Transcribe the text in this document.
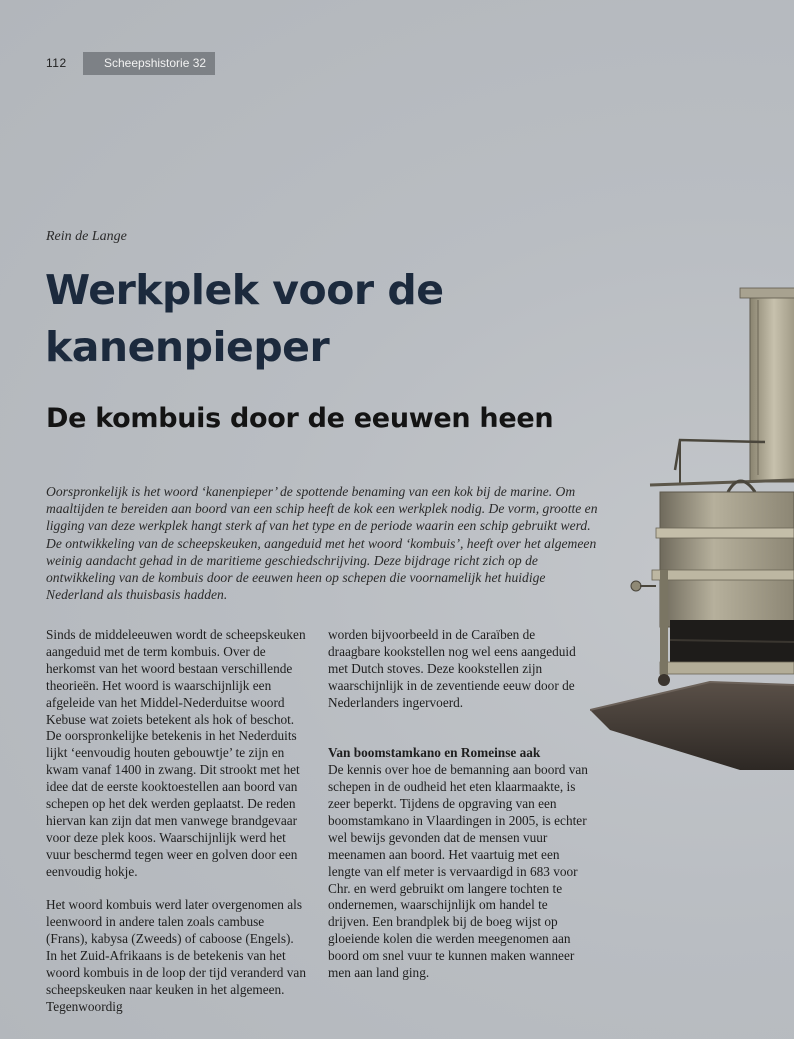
112	Scheepshistorie 32
Rein de Lange
Werkplek voor de kanenpieper
De kombuis door de eeuwen heen

Oorspronkelijk is het woord ‘kanenpieper’ de spottende benaming van een kok bij de marine. Om maaltijden te bereiden aan boord van een schip heeft de kok een werkplek nodig. De vorm, grootte en ligging van deze werkplek hangt sterk af van het type en de periode waarin een schip gebruikt werd. De ontwikkeling van de scheepskeuken, aangeduid met het woord ‘kombuis’, heeft over het algemeen weinig aandacht gehad in de maritieme geschiedschrijving. Deze bijdrage richt zich op de ontwikkeling van de kombuis door de eeuwen heen op schepen die voornamelijk het huidige Nederland als thuisbasis hadden.

Sinds de middeleeuwen wordt de scheepskeuken aangeduid met de term kombuis. Over de herkomst van het woord bestaan verschillende theorieën. Het woord is waarschijnlijk een afgeleide van het Middel-Nederduitse woord Kebuse wat zoiets betekent als hok of beschot. De oorspronkelijke betekenis in het Nederduits lijkt ‘eenvoudig houten gebouwtje’ te zijn en kwam vanaf 1400 in zwang. Dit strookt met het idee dat de eerste kooktoestellen aan boord van schepen op het dek werden geplaatst. De reden hiervan kan zijn dat men vanwege brandgevaar voor deze plek koos. Waarschijnlijk werd het vuur beschermd tegen weer en golven door een eenvoudig hokje.

Het woord kombuis werd later overgenomen als leenwoord in andere talen zoals cambuse (Frans), kabysa (Zweeds) of caboose (Engels). In het Zuid-Afrikaans is de betekenis van het woord kombuis in de loop der tijd veranderd van scheepskeuken naar keuken in het algemeen. Tegenwoordig

worden bijvoorbeeld in de Caraïben de draagbare kookstellen nog wel eens aangeduid met Dutch stoves. Deze kookstellen zijn waarschijnlijk in de zeventiende eeuw door de Nederlanders ingervoerd.

Van boomstamkano en Romeinse aak

De kennis over hoe de bemanning aan boord van schepen in de oudheid het eten klaarmaakte, is zeer beperkt. Tijdens de opgraving van een boomstamkano in Vlaardingen in 2005, is echter wel bewijs gevonden dat de mensen vuur meenamen aan boord. Het vaartuig met een lengte van elf meter is vervaardigd in 683 voor Chr. en werd gebruikt om langere tochten te ondernemen, waarschijnlijk om handel te drijven. Een brandplek bij de boeg wijst op gloeiende kolen die werden meegenomen aan boord om snel vuur te kunnen maken wanneer men aan land ging.
